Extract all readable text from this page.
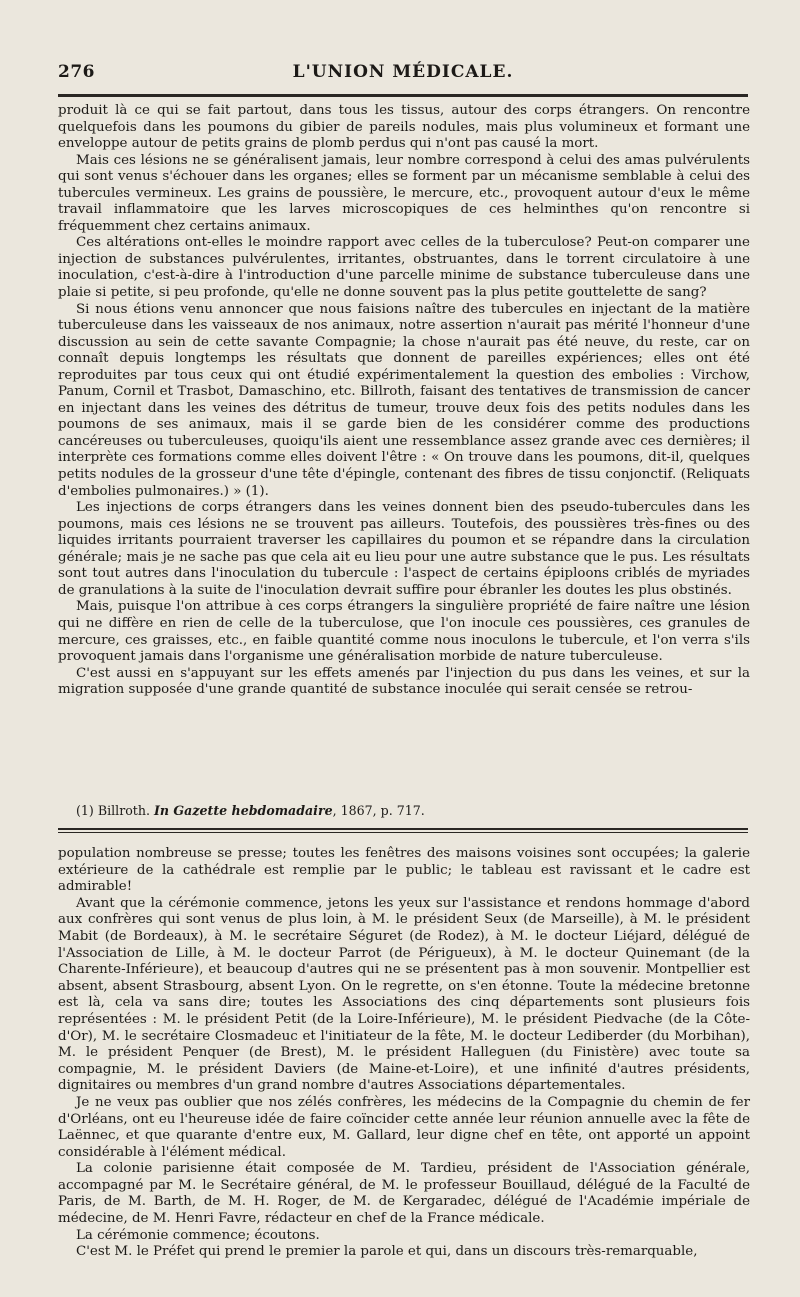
276	L'UNION MÉDICALE.

produit là ce qui se fait partout, dans tous les tissus, autour des corps étrangers. On rencontre quelquefois dans les poumons du gibier de pareils nodules, mais plus volumineux et formant une enveloppe autour de petits grains de plomb perdus qui n'ont pas causé la mort.

Mais ces lésions ne se généralisent jamais, leur nombre correspond à celui des amas pulvérulents qui sont venus s'échouer dans les organes; elles se forment par un mécanisme semblable à celui des tubercules vermineux. Les grains de poussière, le mercure, etc., provoquent autour d'eux le même travail inflammatoire que les larves microscopiques de ces helminthes qu'on rencontre si fréquemment chez certains animaux.

Ces altérations ont-elles le moindre rapport avec celles de la tuberculose? Peut-on comparer une injection de substances pulvérulentes, irritantes, obstruantes, dans le torrent circulatoire à une inoculation, c'est-à-dire à l'introduction d'une parcelle minime de substance tuberculeuse dans une plaie si petite, si peu profonde, qu'elle ne donne souvent pas la plus petite gouttelette de sang?

Si nous étions venu annoncer que nous faisions naître des tubercules en injectant de la matière tuberculeuse dans les vaisseaux de nos animaux, notre assertion n'aurait pas mérité l'honneur d'une discussion au sein de cette savante Compagnie; la chose n'aurait pas été neuve, du reste, car on connaît depuis longtemps les résultats que donnent de pareilles expériences; elles ont été reproduites par tous ceux qui ont étudié expérimentalement la question des embolies : Virchow, Panum, Cornil et Trasbot, Damaschino, etc. Billroth, faisant des tentatives de transmission de cancer en injectant dans les veines des détritus de tumeur, trouve deux fois des petits nodules dans les poumons de ses animaux, mais il se garde bien de les considérer comme des productions cancéreuses ou tuberculeuses, quoiqu'ils aient une ressemblance assez grande avec ces dernières; il interprète ces formations comme elles doivent l'être : « On trouve dans les poumons, dit-il, quelques petits nodules de la grosseur d'une tête d'épingle, contenant des fibres de tissu conjonctif. (Reliquats d'embolies pulmonaires.) » (1).

Les injections de corps étrangers dans les veines donnent bien des pseudo-tubercules dans les poumons, mais ces lésions ne se trouvent pas ailleurs. Toutefois, des poussières très-fines ou des liquides irritants pourraient traverser les capillaires du poumon et se répandre dans la circulation générale; mais je ne sache pas que cela ait eu lieu pour une autre substance que le pus. Les résultats sont tout autres dans l'inoculation du tubercule : l'aspect de certains épiploons criblés de myriades de granulations à la suite de l'inoculation devrait suffire pour ébranler les doutes les plus obstinés.

Mais, puisque l'on attribue à ces corps étrangers la singulière propriété de faire naître une lésion qui ne diffère en rien de celle de la tuberculose, que l'on inocule ces poussières, ces granules de mercure, ces graisses, etc., en faible quantité comme nous inoculons le tubercule, et l'on verra s'ils provoquent jamais dans l'organisme une généralisation morbide de nature tuberculeuse.

C'est aussi en s'appuyant sur les effets amenés par l'injection du pus dans les veines, et sur la migration supposée d'une grande quantité de substance inoculée qui serait censée se retrou-

(1) Billroth. In Gazette hebdomadaire, 1867, p. 717.

population nombreuse se presse; toutes les fenêtres des maisons voisines sont occupées; la galerie extérieure de la cathédrale est remplie par le public; le tableau est ravissant et le cadre est admirable!

Avant que la cérémonie commence, jetons les yeux sur l'assistance et rendons hommage d'abord aux confrères qui sont venus de plus loin, à M. le président Seux (de Marseille), à M. le président Mabit (de Bordeaux), à M. le secrétaire Séguret (de Rodez), à M. le docteur Liéjard, délégué de l'Association de Lille, à M. le docteur Parrot (de Périgueux), à M. le docteur Quinemant (de la Charente-Inférieure), et beaucoup d'autres qui ne se présentent pas à mon souvenir. Montpellier est absent, absent Strasbourg, absent Lyon. On le regrette, on s'en étonne. Toute la médecine bretonne est là, cela va sans dire; toutes les Associations des cinq départements sont plusieurs fois représentées : M. le président Petit (de la Loire-Inférieure), M. le président Piedvache (de la Côte-d'Or), M. le secrétaire Closmadeuc et l'initiateur de la fête, M. le docteur Lediberder (du Morbihan), M. le président Penquer (de Brest), M. le président Halleguen (du Finistère) avec toute sa compagnie, M. le président Daviers (de Maine-et-Loire), et une infinité d'autres présidents, dignitaires ou membres d'un grand nombre d'autres Associations départementales.

Je ne veux pas oublier que nos zélés confrères, les médecins de la Compagnie du chemin de fer d'Orléans, ont eu l'heureuse idée de faire coïncider cette année leur réunion annuelle avec la fête de Laënnec, et que quarante d'entre eux, M. Gallard, leur digne chef en tête, ont apporté un appoint considérable à l'élément médical.

La colonie parisienne était composée de M. Tardieu, président de l'Association générale, accompagné par M. le Secrétaire général, de M. le professeur Bouillaud, délégué de la Faculté de Paris, de M. Barth, de M. H. Roger, de M. de Kergaradec, délégué de l'Académie impériale de médecine, de M. Henri Favre, rédacteur en chef de la France médicale.

La cérémonie commence; écoutons.

C'est M. le Préfet qui prend le premier la parole et qui, dans un discours très-remarquable,
